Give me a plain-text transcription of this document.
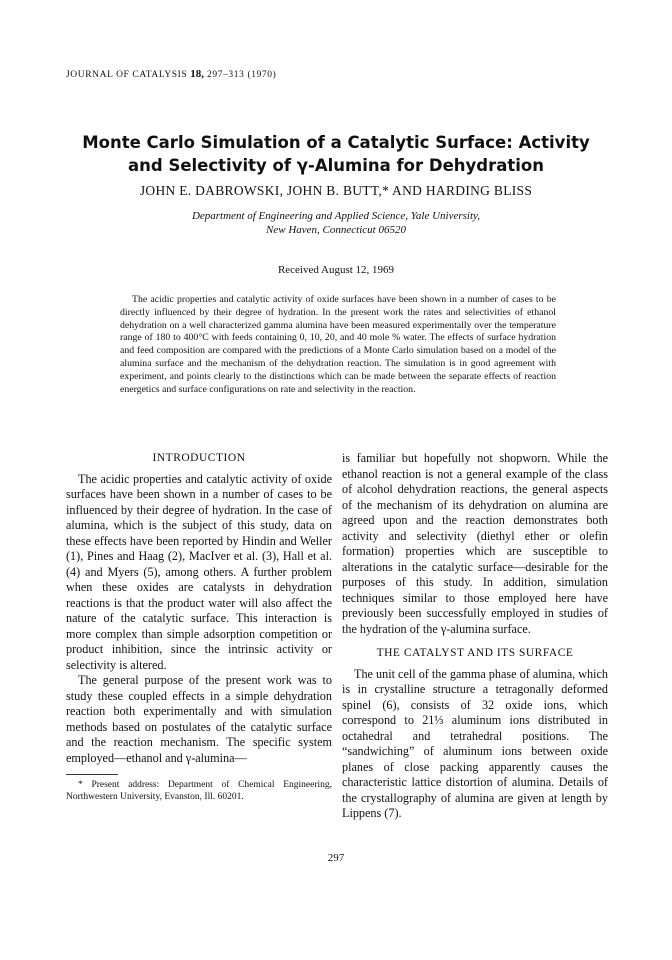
JOURNAL OF CATALYSIS 18, 297–313 (1970)
Monte Carlo Simulation of a Catalytic Surface: Activity and Selectivity of γ-Alumina for Dehydration
JOHN E. DABROWSKI, JOHN B. BUTT,* AND HARDING BLISS
Department of Engineering and Applied Science, Yale University,
New Haven, Connecticut 06520
Received August 12, 1969

The acidic properties and catalytic activity of oxide surfaces have been shown in a number of cases to be directly influenced by their degree of hydration. In the present work the rates and selectivities of ethanol dehydration on a well characterized gamma alumina have been measured experimentally over the temperature range of 180 to 400°C with feeds containing 0, 10, 20, and 40 mole % water. The effects of surface hydration and feed composition are compared with the predictions of a Monte Carlo simulation based on a model of the alumina surface and the mechanism of the dehydration reaction. The simulation is in good agreement with experiment, and points clearly to the distinctions which can be made between the separate effects of reaction energetics and surface configurations on rate and selectivity in the reaction.

INTRODUCTION

The acidic properties and catalytic activity of oxide surfaces have been shown in a number of cases to be influenced by their degree of hydration. In the case of alumina, which is the subject of this study, data on these effects have been reported by Hindin and Weller (1), Pines and Haag (2), MacIver et al. (3), Hall et al. (4) and Myers (5), among others. A further problem when these oxides are catalysts in dehydration reactions is that the product water will also affect the nature of the catalytic surface. This interaction is more complex than simple adsorption competition or product inhibition, since the intrinsic activity or selectivity is altered.

The general purpose of the present work was to study these coupled effects in a simple dehydration reaction both experimentally and with simulation methods based on postulates of the catalytic surface and the reaction mechanism. The specific system employed—ethanol and γ-alumina—

* Present address: Department of Chemical Engineering, Northwestern University, Evanston, Ill. 60201.

is familiar but hopefully not shopworn. While the ethanol reaction is not a general example of the class of alcohol dehydration reactions, the general aspects of the mechanism of its dehydration on alumina are agreed upon and the reaction demonstrates both activity and selectivity (diethyl ether or olefin formation) properties which are susceptible to alterations in the catalytic surface—desirable for the purposes of this study. In addition, simulation techniques similar to those employed here have previously been successfully employed in studies of the hydration of the γ-alumina surface.

THE CATALYST AND ITS SURFACE

The unit cell of the gamma phase of alumina, which is in crystalline structure a tetragonally deformed spinel (6), consists of 32 oxide ions, which correspond to 21⅓ aluminum ions distributed in octahedral and tetrahedral positions. The “sandwiching” of aluminum ions between oxide planes of close packing apparently causes the characteristic lattice distortion of alumina. Details of the crystallography of alumina are given at length by Lippens (7).

297
